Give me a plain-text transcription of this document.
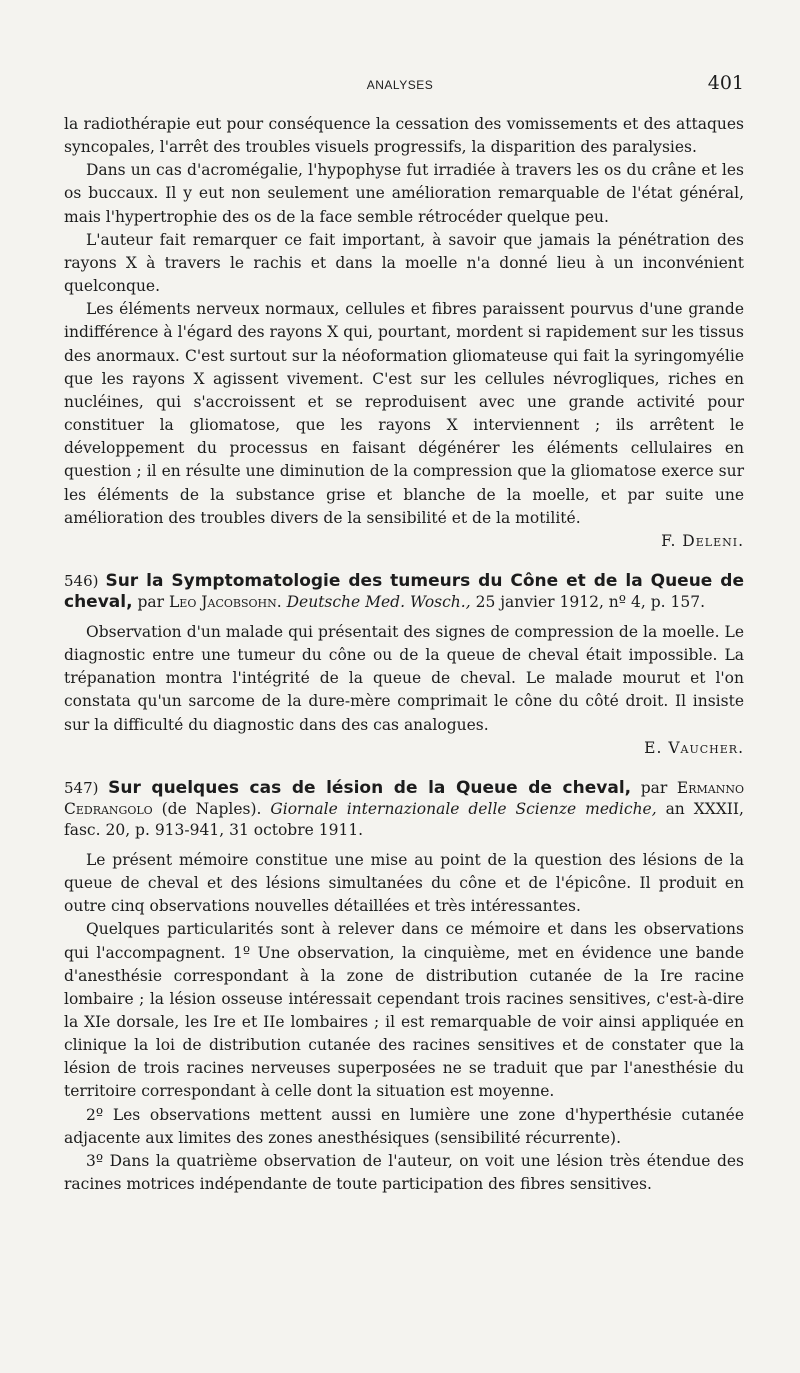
ANALYSES	401

la radiothérapie eut pour conséquence la cessation des vomissements et des attaques syncopales, l'arrêt des troubles visuels progressifs, la disparition des paralysies.

Dans un cas d'acromégalie, l'hypophyse fut irradiée à travers les os du crâne et les os buccaux. Il y eut non seulement une amélioration remarquable de l'état général, mais l'hypertrophie des os de la face semble rétrocéder quelque peu.

L'auteur fait remarquer ce fait important, à savoir que jamais la pénétration des rayons X à travers le rachis et dans la moelle n'a donné lieu à un inconvénient quelconque.

Les éléments nerveux normaux, cellules et fibres paraissent pourvus d'une grande indifférence à l'égard des rayons X qui, pourtant, mordent si rapidement sur les tissus des anormaux. C'est surtout sur la néoformation gliomateuse qui fait la syringomyélie que les rayons X agissent vivement. C'est sur les cellules névrogliques, riches en nucléines, qui s'accroissent et se reproduisent avec une grande activité pour constituer la gliomatose, que les rayons X interviennent ; ils arrêtent le développement du processus en faisant dégénérer les éléments cellulaires en question ; il en résulte une diminution de la compression que la gliomatose exerce sur les éléments de la substance grise et blanche de la moelle, et par suite une amélioration des troubles divers de la sensibilité et de la motilité.

F. Deleni.

546) Sur la Symptomatologie des tumeurs du Cône et de la Queue de cheval, par Leo Jacobsohn. Deutsche Med. Wosch., 25 janvier 1912, nº 4, p. 157.

Observation d'un malade qui présentait des signes de compression de la moelle. Le diagnostic entre une tumeur du cône ou de la queue de cheval était impossible. La trépanation montra l'intégrité de la queue de cheval. Le malade mourut et l'on constata qu'un sarcome de la dure-mère comprimait le cône du côté droit. Il insiste sur la difficulté du diagnostic dans des cas analogues.

E. Vaucher.

547) Sur quelques cas de lésion de la Queue de cheval, par Ermanno Cedrangolo (de Naples). Giornale internazionale delle Scienze mediche, an XXXII, fasc. 20, p. 913-941, 31 octobre 1911.

Le présent mémoire constitue une mise au point de la question des lésions de la queue de cheval et des lésions simultanées du cône et de l'épicône. Il produit en outre cinq observations nouvelles détaillées et très intéressantes.

Quelques particularités sont à relever dans ce mémoire et dans les observations qui l'accompagnent. 1º Une observation, la cinquième, met en évidence une bande d'anesthésie correspondant à la zone de distribution cutanée de la Ire racine lombaire ; la lésion osseuse intéressait cependant trois racines sensitives, c'est-à-dire la XIe dorsale, les Ire et IIe lombaires ; il est remarquable de voir ainsi appliquée en clinique la loi de distribution cutanée des racines sensitives et de constater que la lésion de trois racines nerveuses superposées ne se traduit que par l'anesthésie du territoire correspondant à celle dont la situation est moyenne.

2º Les observations mettent aussi en lumière une zone d'hyperthésie cutanée adjacente aux limites des zones anesthésiques (sensibilité récurrente).

3º Dans la quatrième observation de l'auteur, on voit une lésion très étendue des racines motrices indépendante de toute participation des fibres sensitives.
